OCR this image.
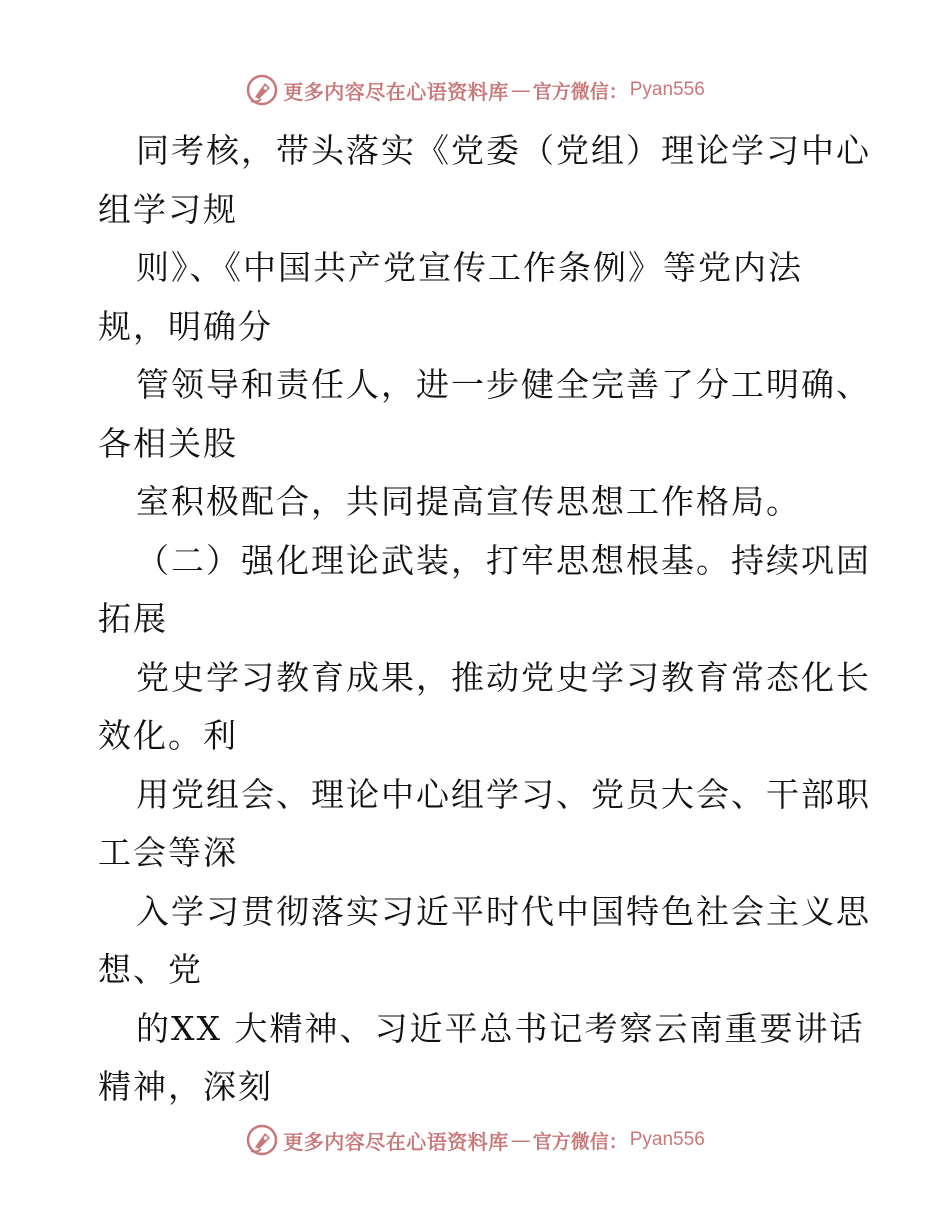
更多内容尽在心语资料库 — 官方微信： Pyan556
同考核，带头落实《党委（党组）理论学习中心
组学习规
则》、《中国共产党宣传工作条例》等党内法
规，明确分
管领导和责任人，进一步健全完善了分工明确、
各相关股
室积极配合，共同提高宣传思想工作格局。
（二）强化理论武装，打牢思想根基。持续巩固
拓展
党史学习教育成果，推动党史学习教育常态化长
效化。利
用党组会、理论中心组学习、党员大会、干部职
工会等深
入学习贯彻落实习近平时代中国特色社会主义思
想、党
的XX 大精神、习近平总书记考察云南重要讲话
精神，深刻
更多内容尽在心语资料库 — 官方微信： Pyan556
